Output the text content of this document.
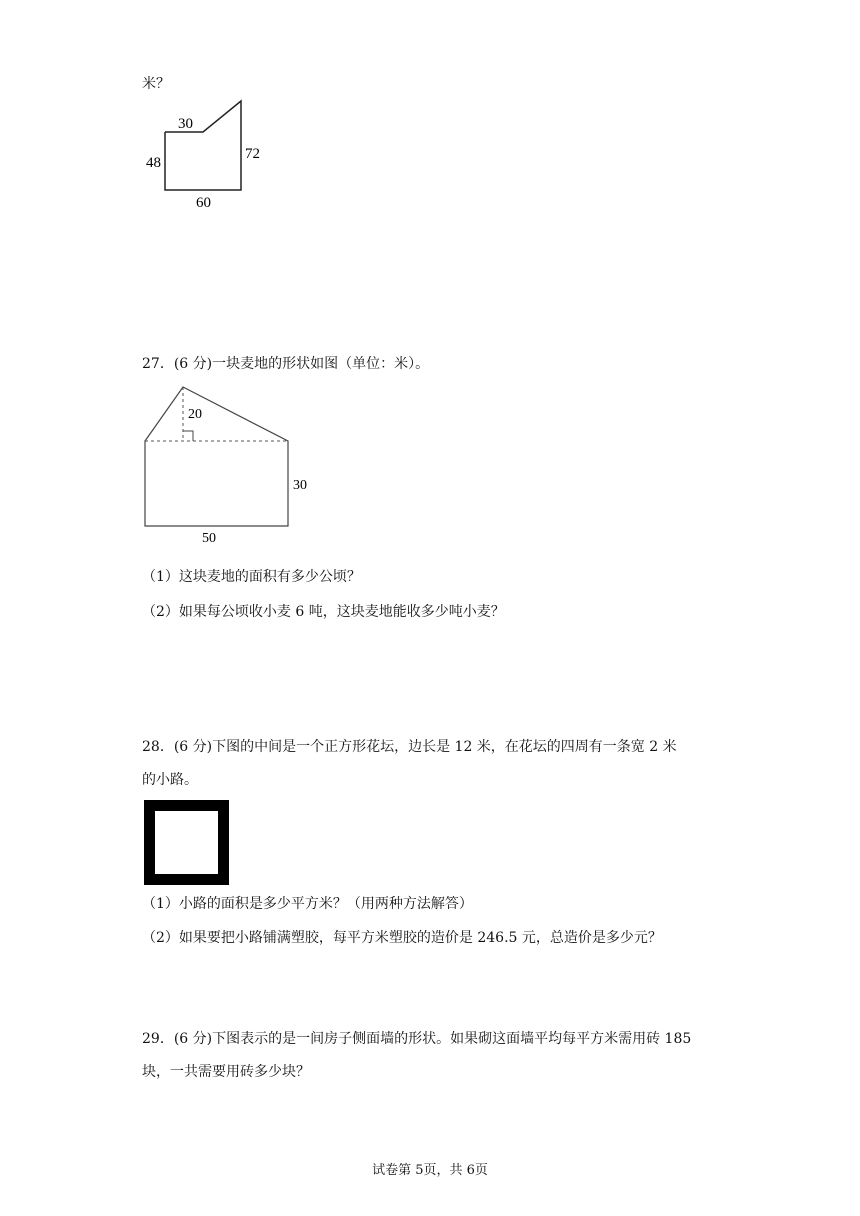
米？
30
48
72
60
27．(6 分)一块麦地的形状如图（单位：米）。
20
30
50
（1）这块麦地的面积有多少公顷？
（2）如果每公顷收小麦 6 吨，这块麦地能收多少吨小麦？
28．(6 分)下图的中间是一个正方形花坛，边长是 12 米，在花坛的四周有一条宽 2 米
的小路。
（1）小路的面积是多少平方米？（用两种方法解答）
（2）如果要把小路铺满塑胶，每平方米塑胶的造价是 246.5 元，总造价是多少元？
29．(6 分)下图表示的是一间房子侧面墙的形状。如果砌这面墙平均每平方米需用砖 185
块，一共需要用砖多少块？
试卷第 5页，共 6页
